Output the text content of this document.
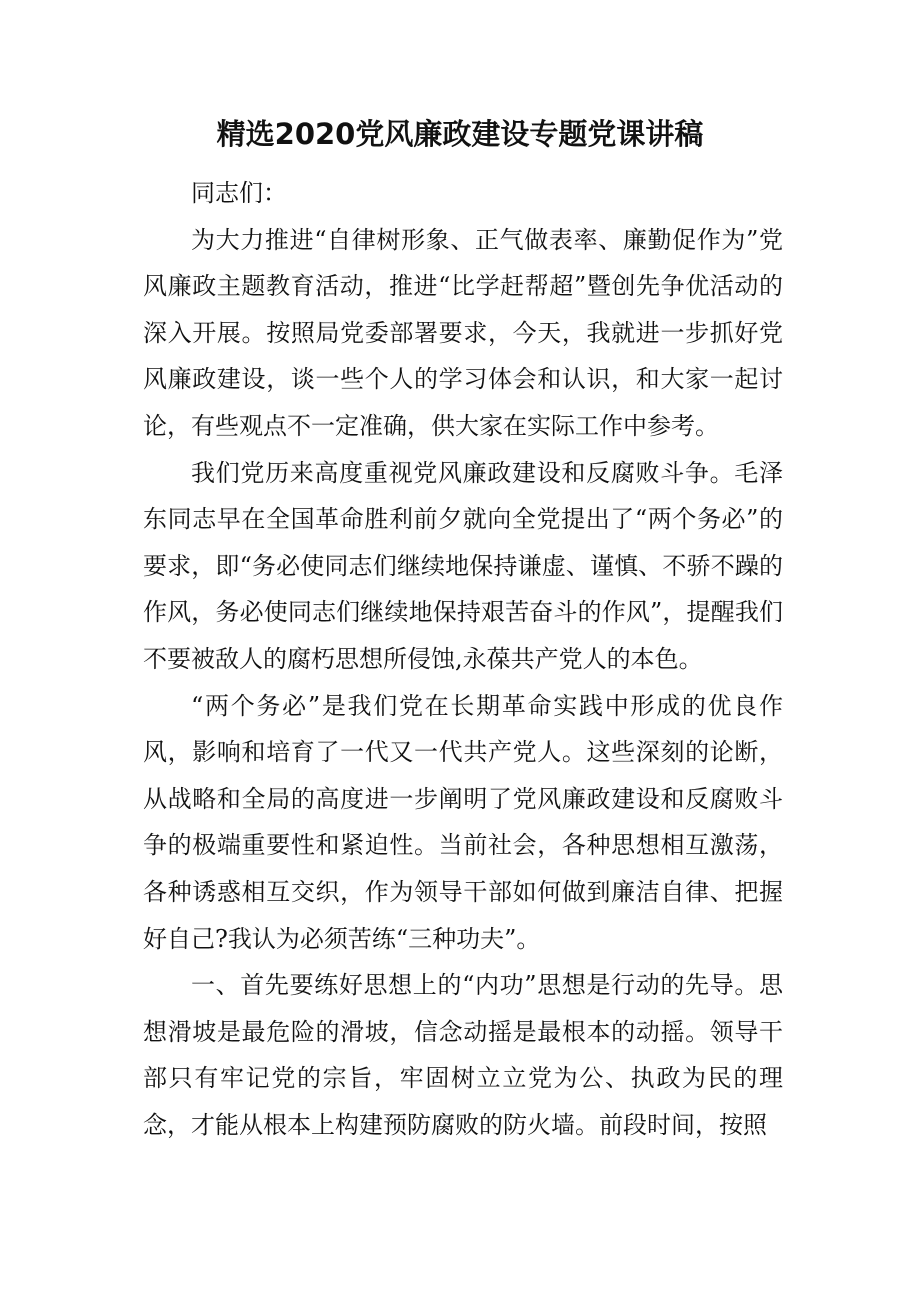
精选2020党风廉政建设专题党课讲稿

同志们：

为大力推进“自律树形象、正气做表率、廉勤促作为”党风廉政主题教育活动，推进“比学赶帮超”暨创先争优活动的深入开展。按照局党委部署要求，今天，我就进一步抓好党风廉政建设，谈一些个人的学习体会和认识，和大家一起讨论，有些观点不一定准确，供大家在实际工作中参考。

我们党历来高度重视党风廉政建设和反腐败斗争。毛泽东同志早在全国革命胜利前夕就向全党提出了“两个务必”的要求，即“务必使同志们继续地保持谦虚、谨慎、不骄不躁的作风，务必使同志们继续地保持艰苦奋斗的作风”，提醒我们不要被敌人的腐朽思想所侵蚀,永葆共产党人的本色。

“两个务必”是我们党在长期革命实践中形成的优良作风，影响和培育了一代又一代共产党人。这些深刻的论断，从战略和全局的高度进一步阐明了党风廉政建设和反腐败斗争的极端重要性和紧迫性。当前社会，各种思想相互激荡，各种诱惑相互交织，作为领导干部如何做到廉洁自律、把握好自己?我认为必须苦练“三种功夫”。

一、首先要练好思想上的“内功”思想是行动的先导。思想滑坡是最危险的滑坡，信念动摇是最根本的动摇。领导干部只有牢记党的宗旨，牢固树立立党为公、执政为民的理念，才能从根本上构建预防腐败的防火墙。前段时间，按照
